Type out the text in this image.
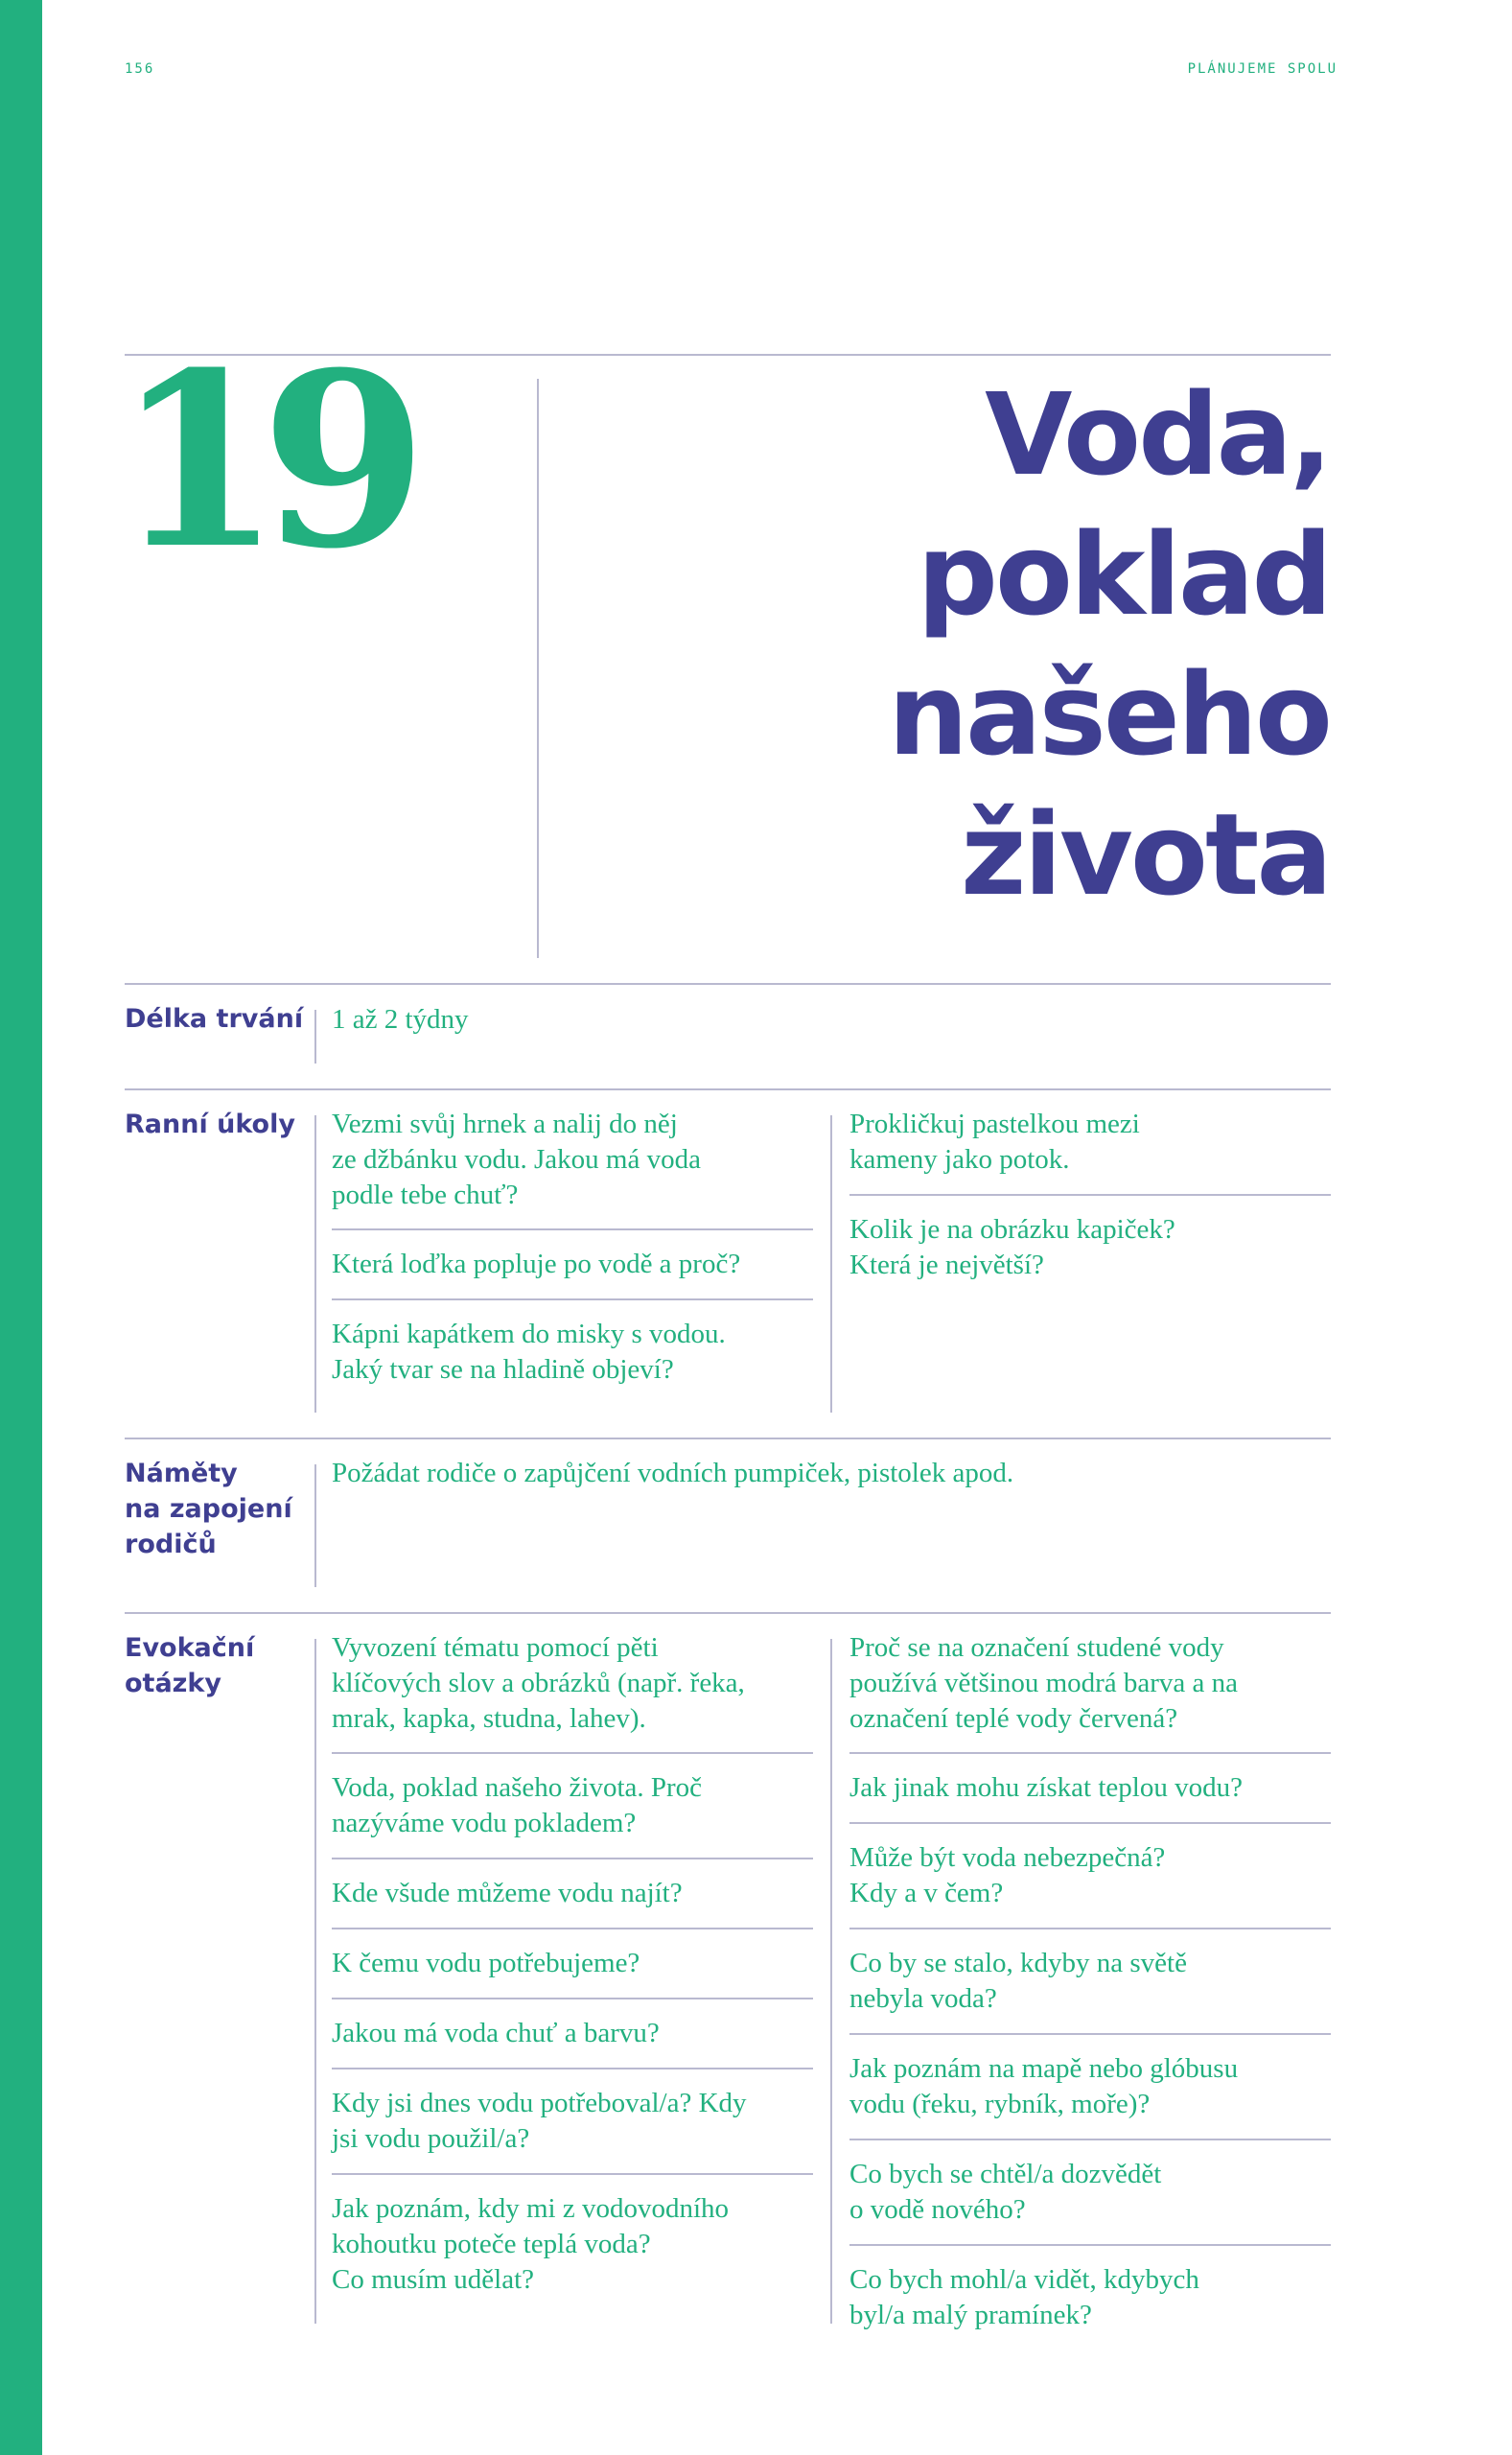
156	PLÁNUJEME SPOLU
19	Voda,
poklad
našeho
života
Délka trvání 1 až 2 týdny
Ranní úkoly Vezmi svůj hrnek a nalij do něj
ze džbánku vodu. Jakou má voda
podle tebe chuť?
Která loďka popluje po vodě a proč?
Kápni kapátkem do misky s vodou.
Jaký tvar se na hladině objeví?
Prokličkuj pastelkou mezi
kameny jako potok.
Kolik je na obrázku kapiček?
Která je největší?
Náměty
na zapojení
rodičů
Požádat rodiče o zapůjčení vodních pumpiček, pistolek apod.
Evokační
otázky
Vyvození tématu pomocí pěti
klíčových slov a obrázků (např. řeka,
mrak, kapka, studna, lahev).
Voda, poklad našeho života. Proč
nazýváme vodu pokladem?
Kde všude můžeme vodu najít?
K čemu vodu potřebujeme?
Jakou má voda chuť a barvu?
Kdy jsi dnes vodu potřeboval/a? Kdy
jsi vodu použil/a?
Jak poznám, kdy mi z vodovodního
kohoutku poteče teplá voda?
Co musím udělat?
Proč se na označení studené vody
používá většinou modrá barva a na
označení teplé vody červená?
Jak jinak mohu získat teplou vodu?
Může být voda nebezpečná?
Kdy a v čem?
Co by se stalo, kdyby na světě
nebyla voda?
Jak poznám na mapě nebo glóbusu
vodu (řeku, rybník, moře)?
Co bych se chtěl/a dozvědět
o vodě nového?
Co bych mohl/a vidět, kdybych
byl/a malý pramínek?
